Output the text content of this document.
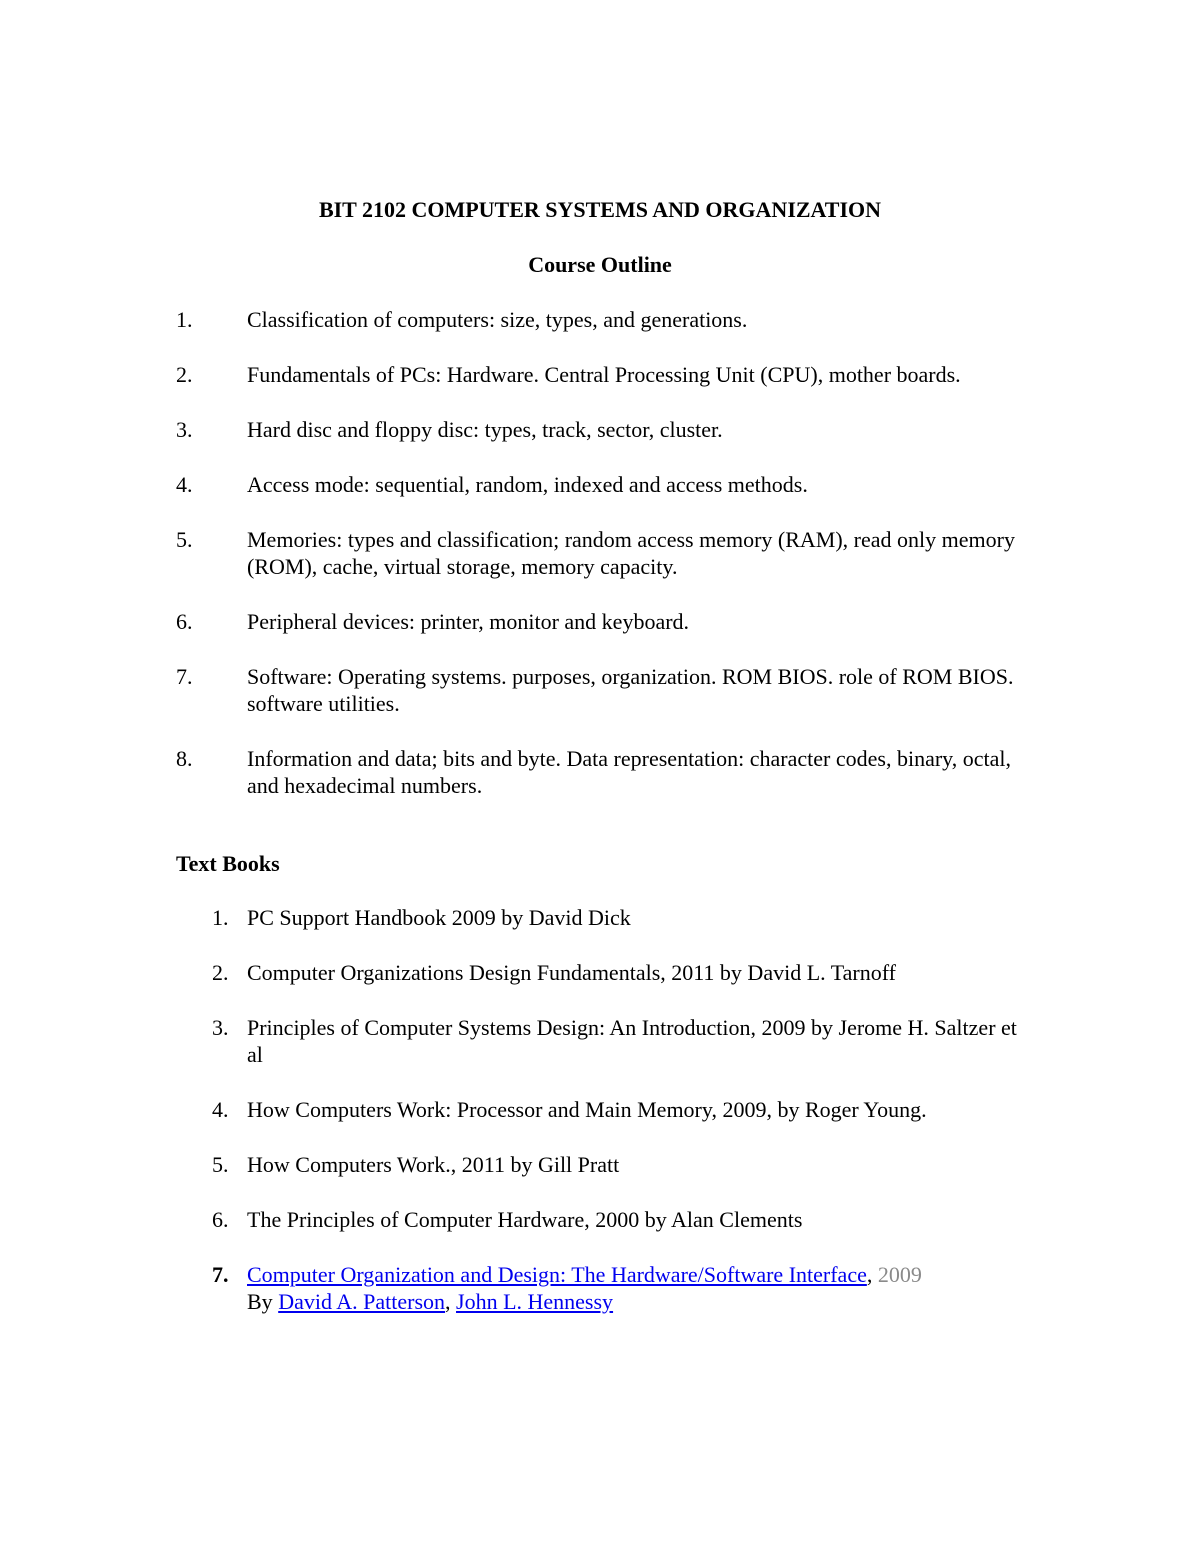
BIT 2102 COMPUTER SYSTEMS AND ORGANIZATION
Course Outline
1. Classification of computers: size, types, and generations.
2. Fundamentals of PCs: Hardware. Central Processing Unit (CPU), mother boards.
3. Hard disc and floppy disc: types, track, sector, cluster.
4. Access mode: sequential, random, indexed and access methods.
5. Memories: types and classification; random access memory (RAM), read only memory (ROM), cache, virtual storage, memory capacity.
6. Peripheral devices: printer, monitor and keyboard.
7. Software: Operating systems. purposes, organization. ROM BIOS. role of ROM BIOS. software utilities.
8. Information and data; bits and byte. Data representation: character codes, binary, octal, and hexadecimal numbers.
Text Books
1. PC Support Handbook 2009 by David Dick
2. Computer Organizations Design Fundamentals, 2011 by David L. Tarnoff
3. Principles of Computer Systems Design: An Introduction, 2009 by Jerome H. Saltzer et al
4. How Computers Work: Processor and Main Memory, 2009, by Roger Young.
5. How Computers Work., 2011 by Gill Pratt
6. The Principles of Computer Hardware, 2000 by Alan Clements
7. Computer Organization and Design: The Hardware/Software Interface, 2009
By David A. Patterson, John L. Hennessy
